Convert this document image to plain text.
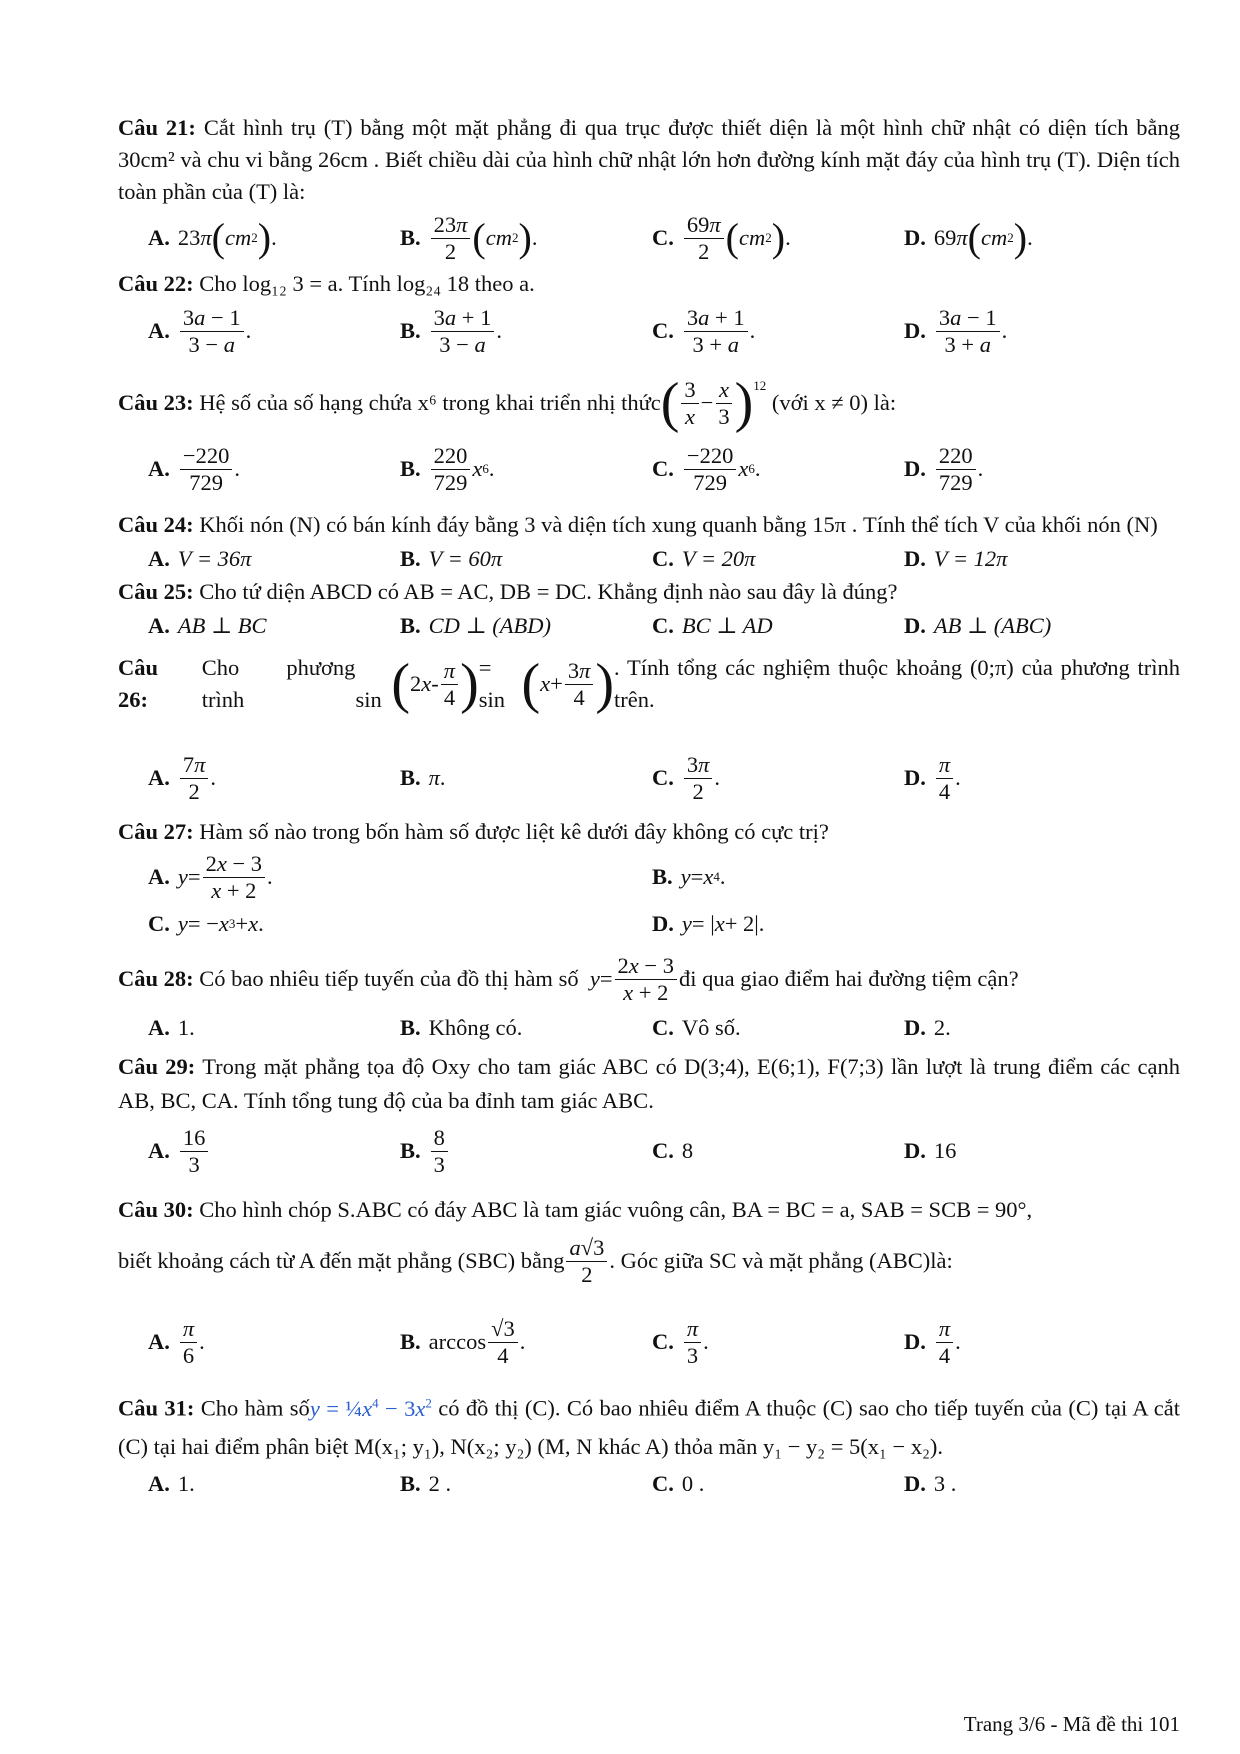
Câu 21: Cắt hình trụ (T) bằng một mặt phẳng đi qua trục được thiết diện là một hình chữ nhật có diện tích bằng 30cm² và chu vi bằng 26cm . Biết chiều dài của hình chữ nhật lớn hơn đường kính mặt đáy của hình trụ (T). Diện tích toàn phần của (T) là:
A. 23 π ( cm 2 ) .	B. $\frac{23\pi}{2}$ ( cm 2 ) .	C. $\frac{69\pi}{2}$ ( cm 2 ) .	D. 69 π ( cm 2 ) .
Câu 22: Cho log₁₂ 3 = a. Tính log₂₄ 18 theo a.
A. $\frac{3a - 1}{3 - a}$ .	B. $\frac{3a + 1}{3 - a}$ .	C. $\frac{3a + 1}{3 + a}$ .	D. $\frac{3a - 1}{3 + a}$ .
Câu 23:
Hệ số của số hạng chứa x⁶ trong khai triển nhị thức ( $\frac{3}{x} - \frac{x}{3} )^{12}$

(với x ≠ 0) là:
A. $\frac{-220}{729}$ .	B. $\frac{220}{729}$ x 6 .	C. $\frac{-220}{729}$ x 6 .	D. $\frac{220}{729}$ .
Câu 24: Khối nón (N) có bán kính đáy bằng 3 và diện tích xung quanh bằng 15π . Tính thể tích V của khối nón (N)
A. V = 36π	B. V = 60π	C. V = 20π	D. V = 12π
Câu 25: Cho tứ diện ABCD có AB = AC, DB = DC. Khẳng định nào sau đây là đúng?
A. AB ⊥ BC	B. CD ⊥ (ABD)	C. BC ⊥ AD	D. AB ⊥ (ABC)
Câu 26:

Cho phương trình
sin ( 2 x - $\frac{\pi}{4}$ ) = sin ( $x + \frac{3\pi}{4}$ ) . Tính tổng các nghiệm thuộc khoảng (0;π) của phương trình trên.
A. $\frac{7\pi}{2}$ .	B. π .	C. $\frac{3\pi}{2}$ .	D. $\frac{\pi}{4}$ .
Câu 27: Hàm số nào trong bốn hàm số được liệt kê dưới đây không có cực trị?
A. $y = \frac{2x - 3}{x + 2}$ .	B. y = x 4 .
C. y = − x 3 + x .	D. y = | x + 2|.
Câu 28:
Có bao nhiêu tiếp tuyến của đồ thị hàm số
$y = \frac{2x - 3}{x + 2}$ đi qua giao điểm hai đường tiệm cận?
A. 1.	B. Không có.	C. Vô số.	D. 2.
Câu 29: Trong mặt phẳng tọa độ Oxy cho tam giác ABC có D(3;4), E(6;1), F(7;3) lần lượt là trung điểm các cạnh AB, BC, CA. Tính tổng tung độ của ba đỉnh tam giác ABC.
A. $\frac{16}{3}$	B. $\frac{8}{3}$	C. 8	D. 16
Câu 30: Cho hình chóp S.ABC có đáy ABC là tam giác vuông cân, BA = BC = a, SAB = SCB = 90°,
biết khoảng cách từ A đến mặt phẳng (SBC) bằng $\frac{a√3}{2}$ . Góc giữa SC và mặt phẳng (ABC)là:
A. $\frac{\pi}{6}$ .	B. $\arccos \frac{√3}{4}$ .	C. $\frac{\pi}{3}$ .	D. $\frac{\pi}{4}$ .
Câu 31: Cho hàm sốy = $\frac{1}{4}x^4 - 3x^2$ có đồ thị (C). Có bao nhiêu điểm A thuộc (C) sao cho tiếp tuyến của (C) tại A cắt (C) tại hai điểm phân biệt M(x₁; y₁), N(x₂; y₂) (M, N khác A) thỏa mãn y₁ − y₂ = 5(x₁ − x₂).
A. 1.	B. 2 .	C. 0 .	D. 3 .
Trang 3/6 - Mã đề thi 101
